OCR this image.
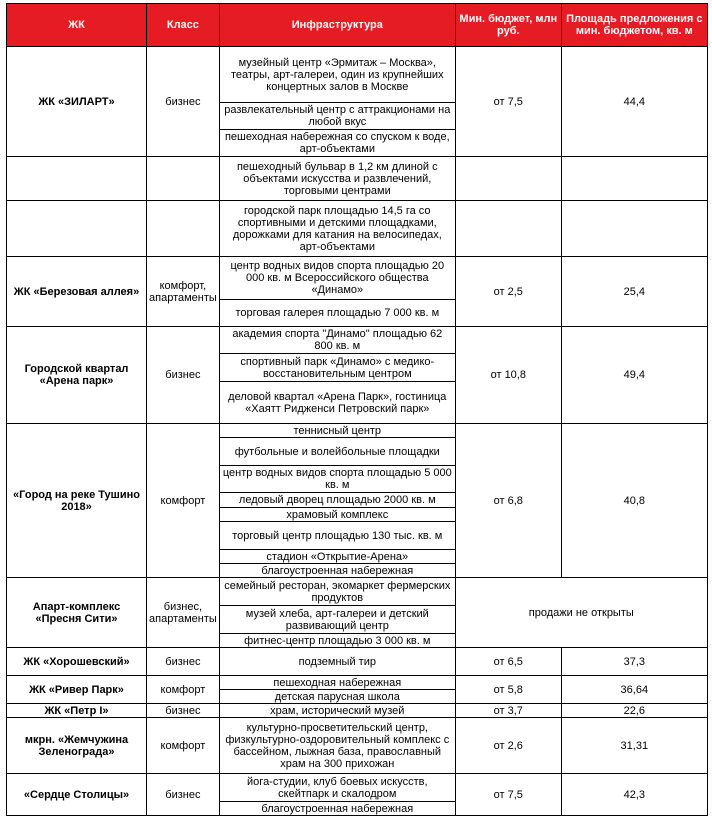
ЖК	Класс	Инфраструктура	Мин. бюджет, млн руб.	Площадь предложения с мин. бюджетом, кв. м
ЖК «ЗИЛАРТ»	бизнес	музейный центр «Эрмитаж – Москва», театры, арт-галереи, один из крупнейших концертных залов в Москве	от 7,5	44,4
		развлекательный центр с аттракционами на любой вкус		
		пешеходная набережная со спуском к воде, арт-объектами		
		пешеходный бульвар в 1,2 км длиной с объектами искусства и развлечений, торговыми центрами		
		городской парк площадью 14,5 га со спортивными и детскими площадками, дорожками для катания на велосипедах, арт-объектами		
ЖК «Березовая аллея»	комфорт, апартаменты	центр водных видов спорта площадью 20 000 кв. м Всероссийского общества «Динамо»	от 2,5	25,4
		торговая галерея площадью 7 000 кв. м		
Городской квартал «Арена парк»	бизнес	академия спорта "Динамо" площадью 62 800 кв. м	от 10,8	49,4
		спортивный парк «Динамо» с медико-восстановительным центром		
		деловой квартал «Арена Парк», гостиница «Хаятт Ридженси Петровский парк»		
«Город на реке Тушино 2018»	комфорт	теннисный центр	от 6,8	40,8
		футбольные и волейбольные площадки		
		центр водных видов спорта площадью 5 000 кв. м		
		ледовый дворец площадью 2000 кв. м		
		храмовый комплекс		
		торговый центр площадью 130 тыс. кв. м		
		стадион «Открытие-Арена»		
		благоустроенная набережная		
Апарт-комплекс «Пресня Сити»	бизнес, апартаменты	семейный ресторан, экомаркет фермерских продуктов	продажи не открыты	
		музей хлеба, арт-галереи и детский развивающий центр		
		фитнес-центр площадью 3 000 кв. м		
ЖК «Хорошевский»	бизнес	подземный тир	от 6,5	37,3
ЖК «Ривер Парк»	комфорт	пешеходная набережная	от 5,8	36,64
		детская парусная школа		
ЖК «Петр I»	бизнес	храм, исторический музей	от 3,7	22,6
мкрн. «Жемчужина Зеленограда»	комфорт	культурно-просветительский центр, физкультурно-оздоровительный комплекс с бассейном, лыжная база, православный храм на 300 прихожан	от 2,6	31,31
«Сердце Столицы»	бизнес	йога-студии, клуб боевых искусств, скейтпарк и скалодром	от 7,5	42,3
		благоустроенная набережная		
